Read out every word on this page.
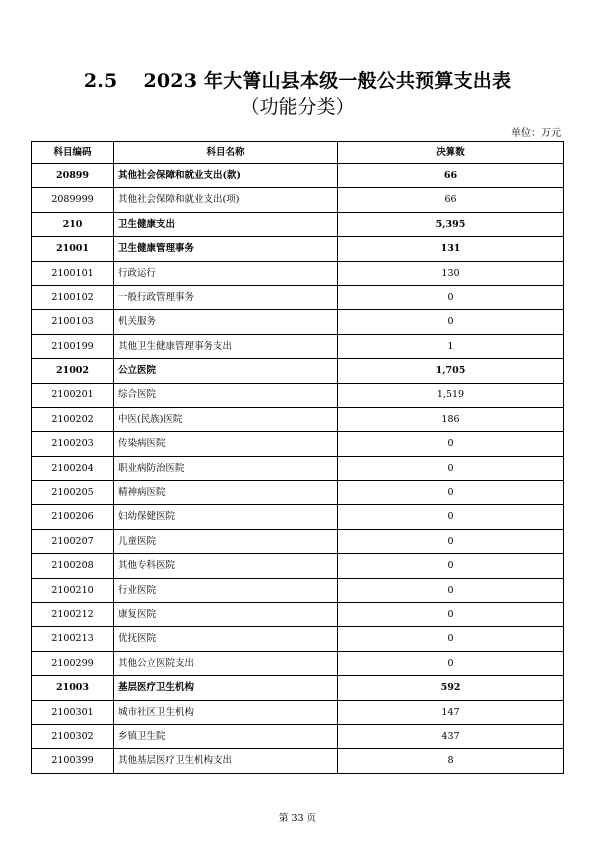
2.5 2023 年大箐山县本级一般公共预算支出表
（功能分类）
单位：万元
科目编码	科目名称	决算数
20899	其他社会保障和就业支出(款)	66
2089999	其他社会保障和就业支出(项)	66
210	卫生健康支出	5,395
21001	卫生健康管理事务	131
2100101	行政运行	130
2100102	一般行政管理事务	0
2100103	机关服务	0
2100199	其他卫生健康管理事务支出	1
21002	公立医院	1,705
2100201	综合医院	1,519
2100202	中医(民族)医院	186
2100203	传染病医院	0
2100204	职业病防治医院	0
2100205	精神病医院	0
2100206	妇幼保健医院	0
2100207	儿童医院	0
2100208	其他专科医院	0
2100210	行业医院	0
2100212	康复医院	0
2100213	优抚医院	0
2100299	其他公立医院支出	0
21003	基层医疗卫生机构	592
2100301	城市社区卫生机构	147
2100302	乡镇卫生院	437
2100399	其他基层医疗卫生机构支出	8
第 33 页
